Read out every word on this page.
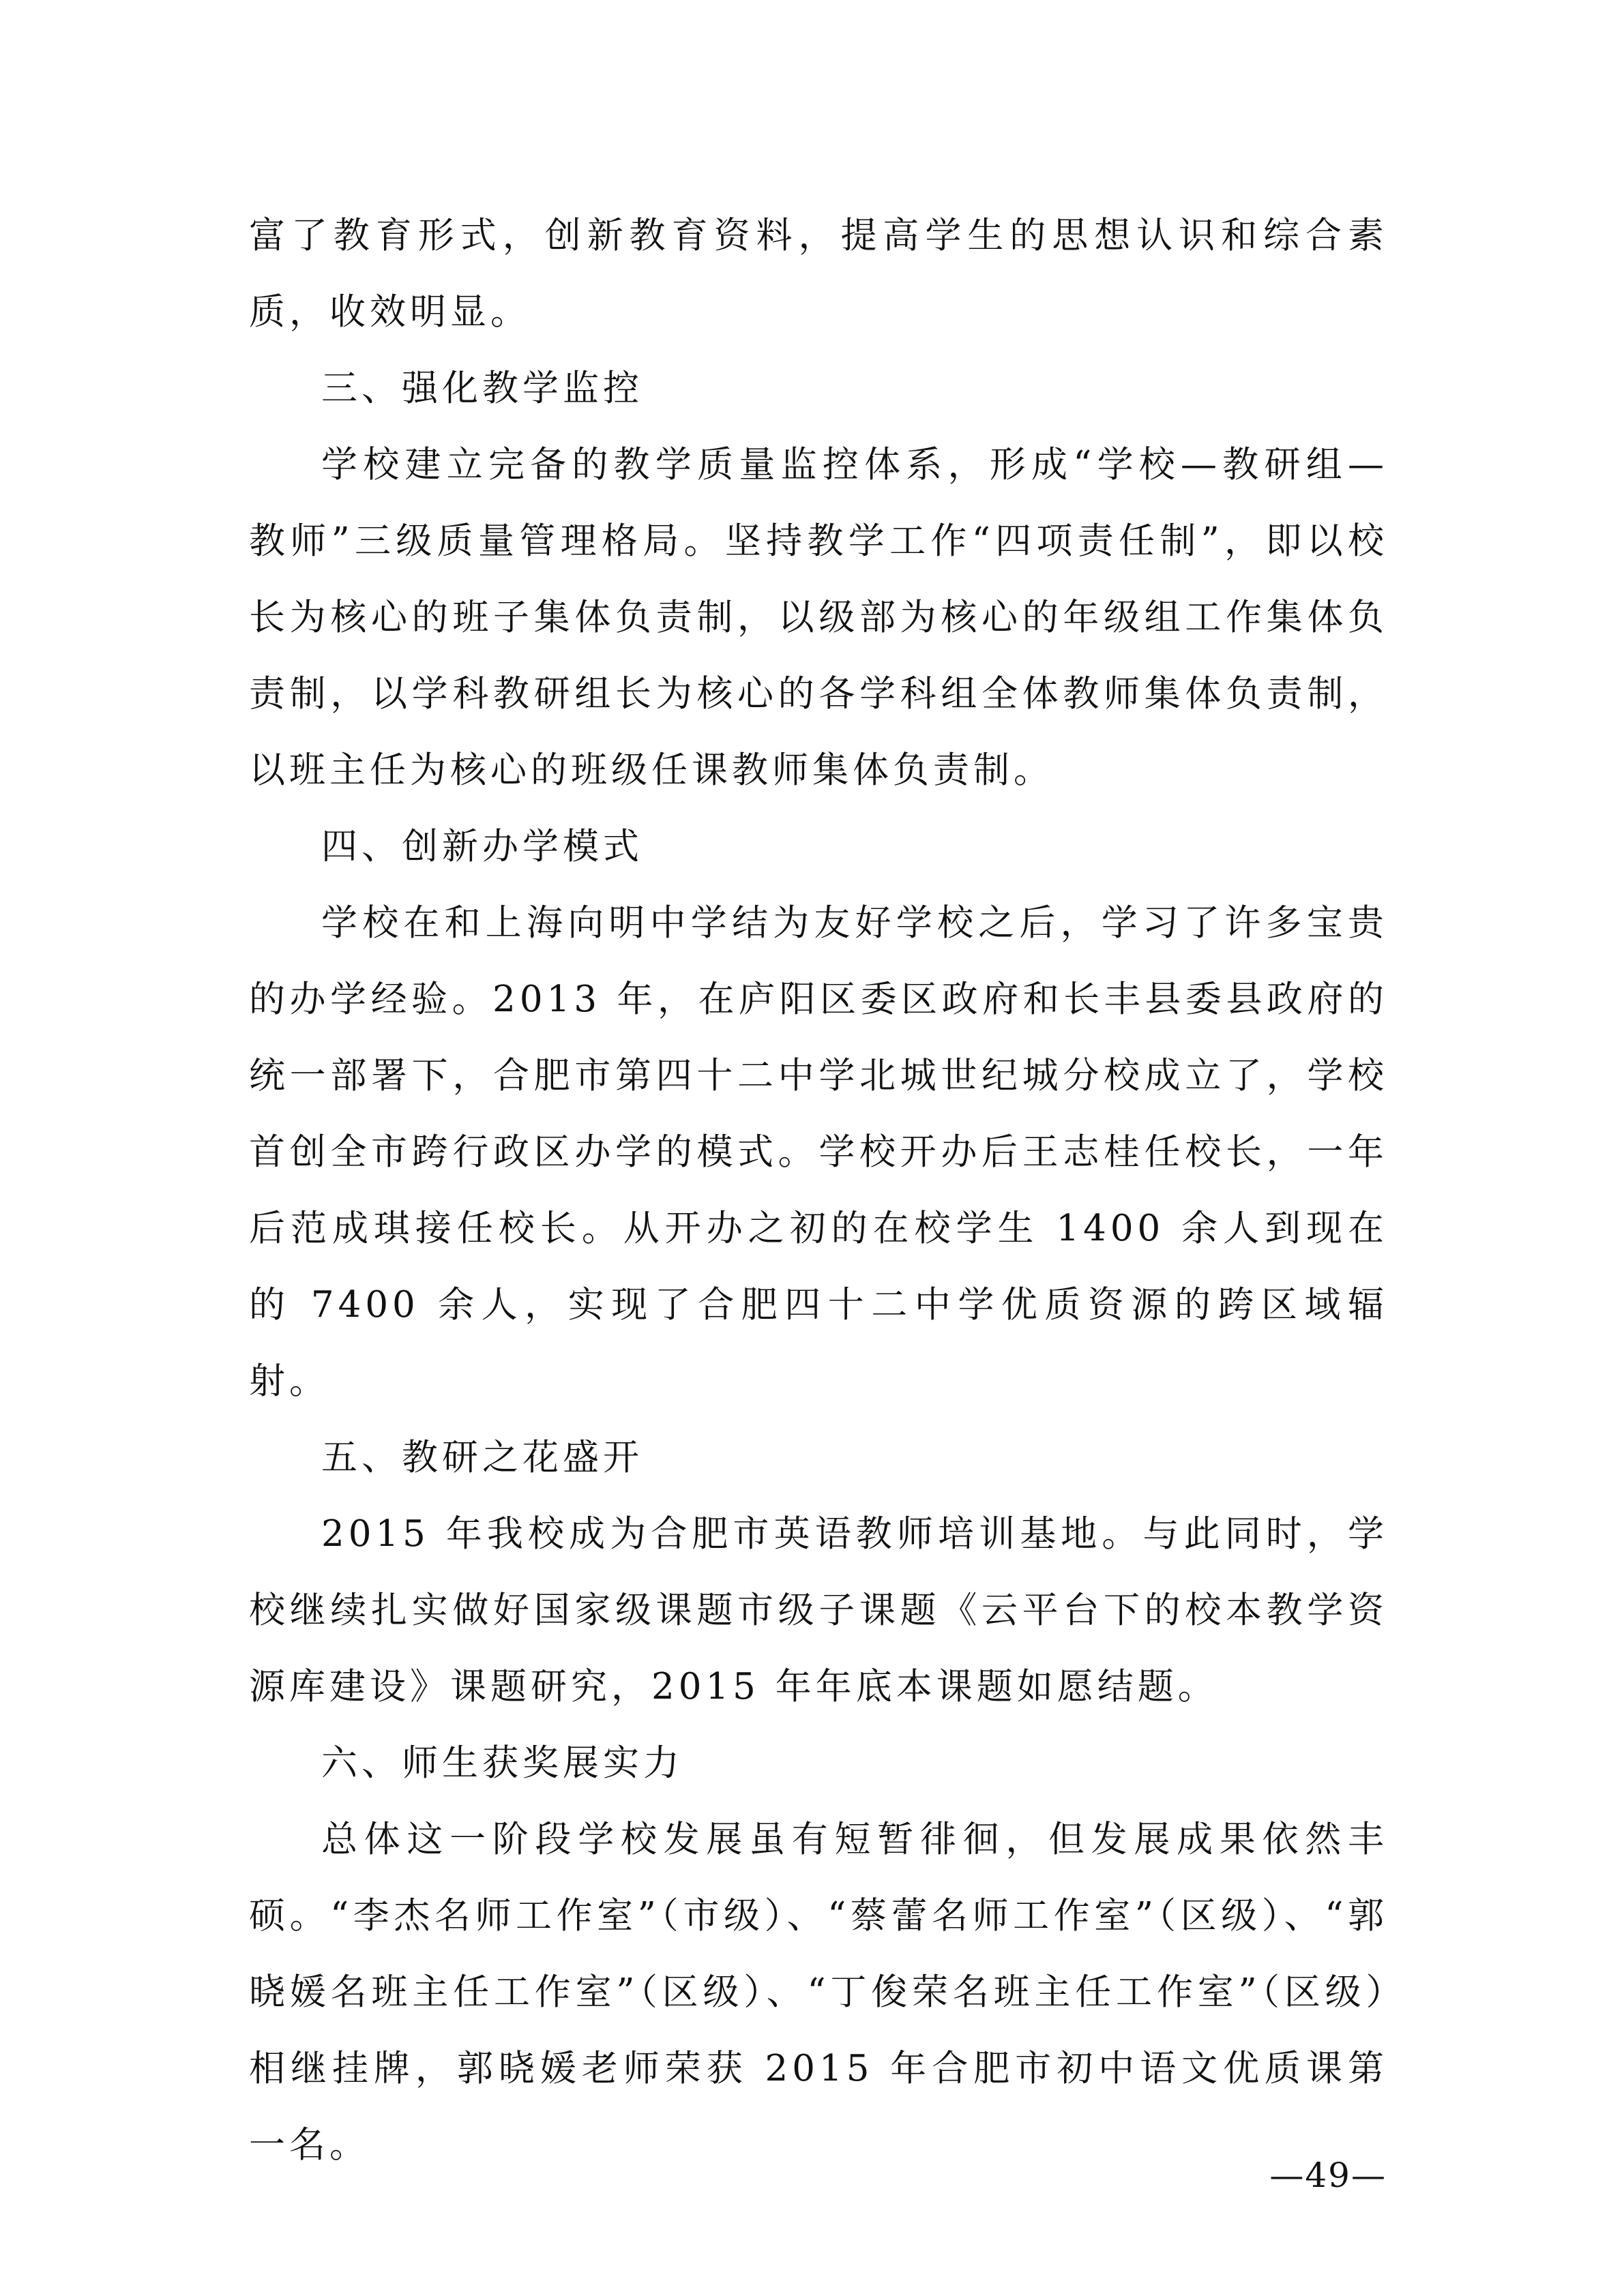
富了教育形式，创新教育资料，提高学生的思想认识和综合素质，收效明显。

三、强化教学监控

学校建立完备的教学质量监控体系，形成“学校—教研组—教师”三级质量管理格局。坚持教学工作“四项责任制”，即以校长为核心的班子集体负责制，以级部为核心的年级组工作集体负责制，以学科教研组长为核心的各学科组全体教师集体负责制，以班主任为核心的班级任课教师集体负责制。

四、创新办学模式

学校在和上海向明中学结为友好学校之后，学习了许多宝贵的办学经验。2013 年，在庐阳区委区政府和长丰县委县政府的统一部署下，合肥市第四十二中学北城世纪城分校成立了，学校首创全市跨行政区办学的模式。学校开办后王志桂任校长，一年后范成琪接任校长。从开办之初的在校学生 1400 余人到现在的 7400 余人，实现了合肥四十二中学优质资源的跨区域辐射。

五、教研之花盛开

2015 年我校成为合肥市英语教师培训基地。与此同时，学校继续扎实做好国家级课题市级子课题《云平台下的校本教学资源库建设》课题研究，2015 年年底本课题如愿结题。

六、师生获奖展实力

总体这一阶段学校发展虽有短暂徘徊，但发展成果依然丰硕。“李杰名师工作室”（市级）、“蔡蕾名师工作室”（区级）、“郭晓媛名班主任工作室”（区级）、“丁俊荣名班主任工作室”（区级）相继挂牌，郭晓媛老师荣获 2015 年合肥市初中语文优质课第一名。

—49—
